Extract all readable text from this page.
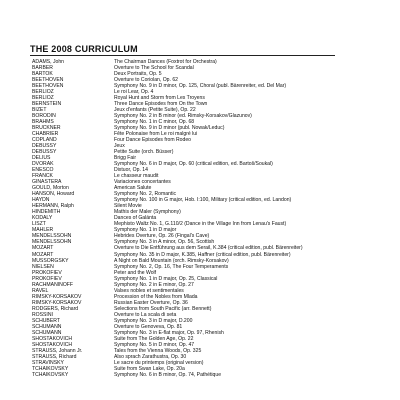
THE 2008 CURRICULUM
ADAMS, John	The Chairman Dances (Foxtrot for Orchestra)
BARBER	Overture to The School for Scandal
BARTOK	Deux Portraits, Op. 5
BEETHOVEN	Overture to Coriolan, Op. 62
BEETHOVEN	Symphony No. 9 in D minor, Op. 125, Choral (publ. Bärenreiter, ed. Del Mar)
BERLIOZ	Le roi Lear, Op. 4
BERLIOZ	Royal Hunt and Storm from Les Troyens
BERNSTEIN	Three Dance Episodes from On the Town
BIZET	Jeux d'enfants (Petite Suite), Op. 22
BORODIN	Symphony No. 2 in B minor (ed. Rimsky-Korsakov/Glazunov)
BRAHMS	Symphony No. 1 in C minor, Op. 68
BRUCKNER	Symphony No. 9 in D minor (publ. Nowak/Leduc)
CHABRIER	Fête Polonaise from Le roi malgré lui
COPLAND	Four Dance Episodes from Rodeo
DEBUSSY	Jeux
DEBUSSY	Petite Suite (orch. Büsser)
DELIUS	Brigg Fair
DVORAK	Symphony No. 6 in D major, Op. 60 (critical edition, ed. Bartoš/Soukal)
ENESCO	Dixtuor, Op. 14
FRANCK	Le chasseur maudit
GINASTERA	Variaciones concertantes
GOULD, Morton	American Salute
HANSON, Howard	Symphony No. 2, Romantic
HAYDN	Symphony No. 100 in G major, Hob. I:100, Military (critical edition, ed. Landon)
HERMANN, Ralph	Silent Movie
HINDEMITH	Mathis der Maler (Symphony)
KODALY	Dances of Galánta
LISZT	Mephisto Waltz No. 1, G.110/2 (Dance in the Village Inn from Lenau's Faust)
MAHLER	Symphony No. 1 in D major
MENDELSSOHN	Hebrides Overture, Op. 26 (Fingal's Cave)
MENDELSSOHN	Symphony No. 3 in A minor, Op. 56, Scottish
MOZART	Overture to Die Entführung aus dem Serail, K.384 (critical edition, publ. Bärenreiter)
MOZART	Symphony No. 35 in D major, K.385, Haffner (critical edition, publ. Bärenreiter)
MUSSORGSKY	A Night on Bald Mountain (orch. Rimsky-Korsakov)
NIELSEN	Symphony No. 2, Op. 16, The Four Temperaments
PROKOFIEV	Peter and the Wolf
PROKOFIEV	Symphony No. 1 in D major, Op. 25, Classical
RACHMANINOFF	Symphony No. 2 in E minor, Op. 27
RAVEL	Valses nobles et sentimentales
RIMSKY-KORSAKOV	Procession of the Nobles from Mlada
RIMSKY-KORSAKOV	Russian Easter Overture, Op. 36
RODGERS, Richard	Selections from South Pacific (arr. Bennett)
ROSSINI	Overture to La scala di seta
SCHUBERT	Symphony No. 3 in D major, D.200
SCHUMANN	Overture to Genoveva, Op. 81
SCHUMANN	Symphony No. 3 in E-flat major, Op. 97, Rhenish
SHOSTAKOVICH	Suite from The Golden Age, Op. 22
SHOSTAKOVICH	Symphony No. 5 in D minor, Op. 47
STRAUSS, Johann Jr.	Tales from the Vienna Woods, Op. 325
STRAUSS, Richard	Also sprach Zarathustra, Op. 30
STRAVINSKY	Le sacre du printemps (original version)
TCHAIKOVSKY	Suite from Swan Lake, Op. 20a
TCHAIKOVSKY	Symphony No. 6 in B minor, Op. 74, Pathétique
